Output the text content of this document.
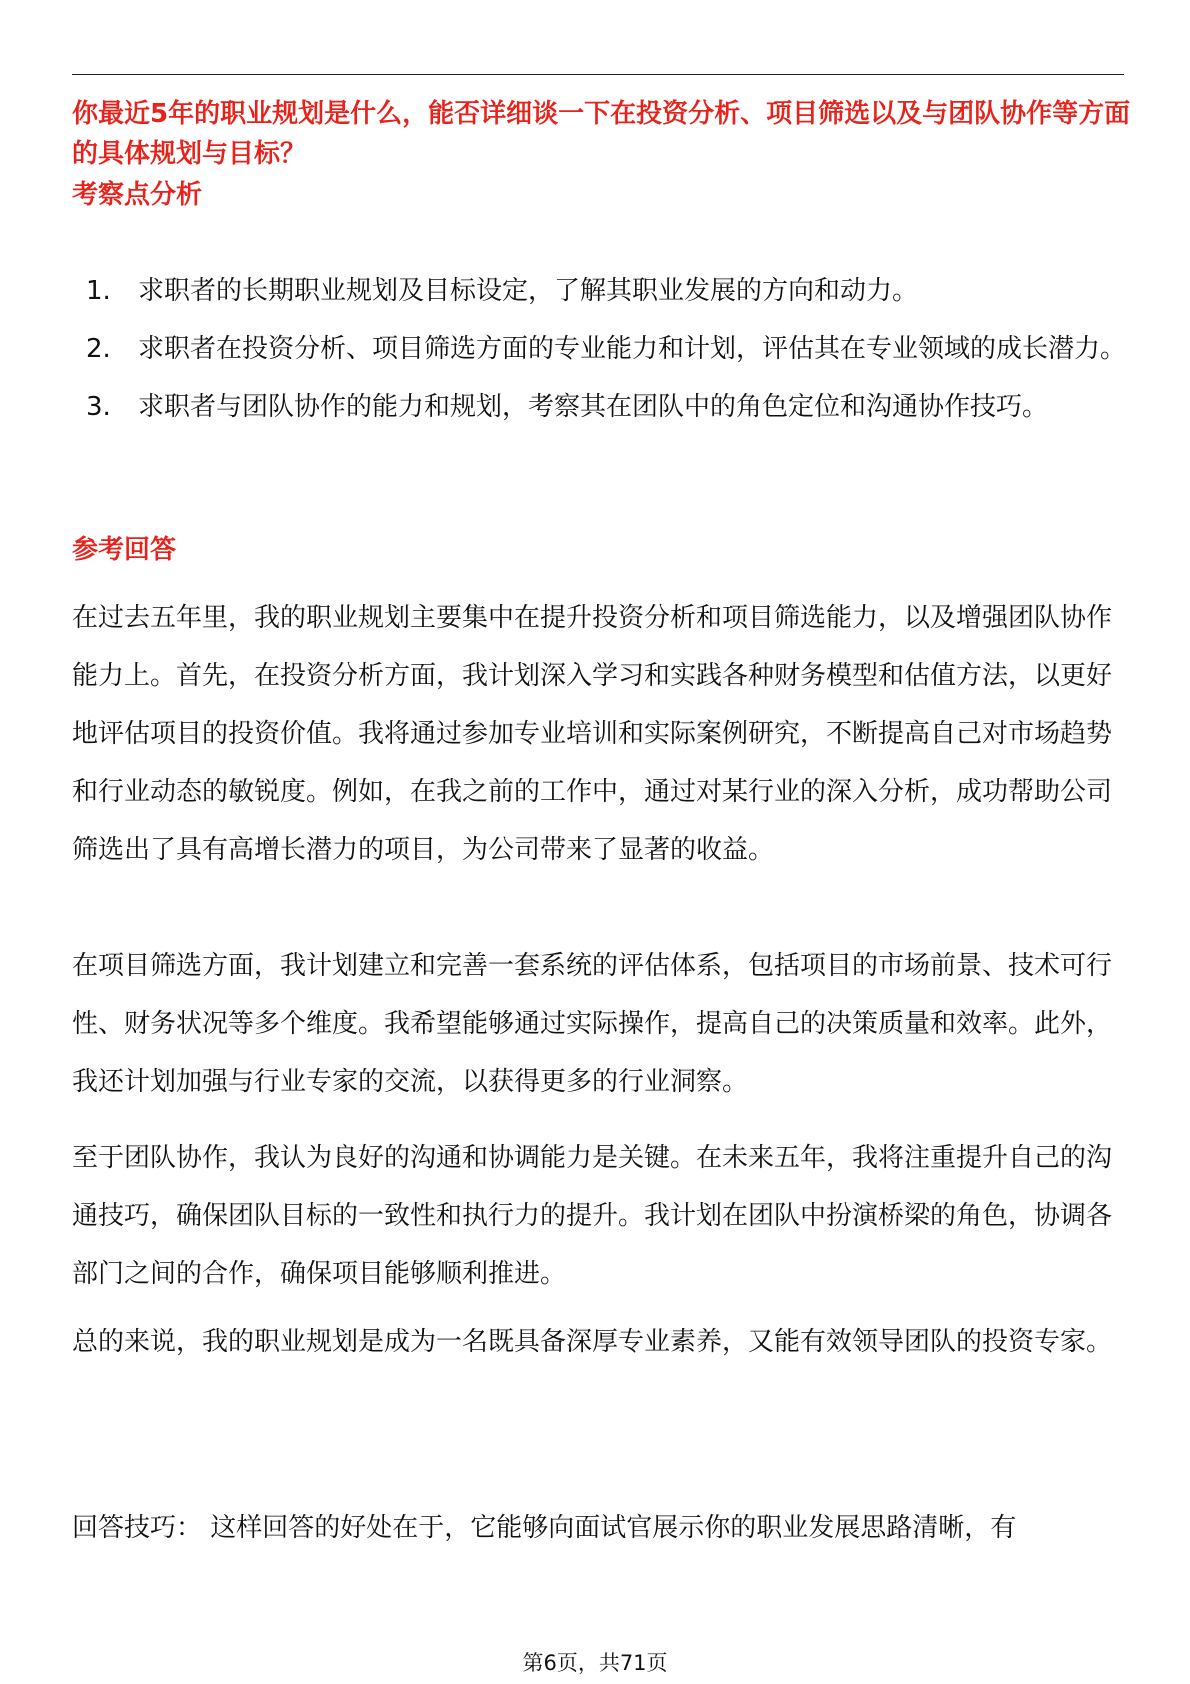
你最近5年的职业规划是什么，能否详细谈一下在投资分析、项目筛选以及与团队协作等方面的具体规划与目标？

考察点分析
1.	求职者的长期职业规划及目标设定，了解其职业发展的方向和动力。
2.	求职者在投资分析、项目筛选方面的专业能力和计划，评估其在专业领域的成长潜力。
3.	求职者与团队协作的能力和规划，考察其在团队中的角色定位和沟通协作技巧。
参考回答

在过去五年里，我的职业规划主要集中在提升投资分析和项目筛选能力，以及增强团队协作能力上。首先，在投资分析方面，我计划深入学习和实践各种财务模型和估值方法，以更好地评估项目的投资价值。我将通过参加专业培训和实际案例研究，不断提高自己对市场趋势和行业动态的敏锐度。例如，在我之前的工作中，通过对某行业的深入分析，成功帮助公司筛选出了具有高增长潜力的项目，为公司带来了显著的收益。

在项目筛选方面，我计划建立和完善一套系统的评估体系，包括项目的市场前景、技术可行性、财务状况等多个维度。我希望能够通过实际操作，提高自己的决策质量和效率。此外，我还计划加强与行业专家的交流，以获得更多的行业洞察。

至于团队协作，我认为良好的沟通和协调能力是关键。在未来五年，我将注重提升自己的沟通技巧，确保团队目标的一致性和执行力的提升。我计划在团队中扮演桥梁的角色，协调各部门之间的合作，确保项目能够顺利推进。

总的来说，我的职业规划是成为一名既具备深厚专业素养，又能有效领导团队的投资专家。

回答技巧： 这样回答的好处在于，它能够向面试官展示你的职业发展思路清晰，有

第6页，共71页
